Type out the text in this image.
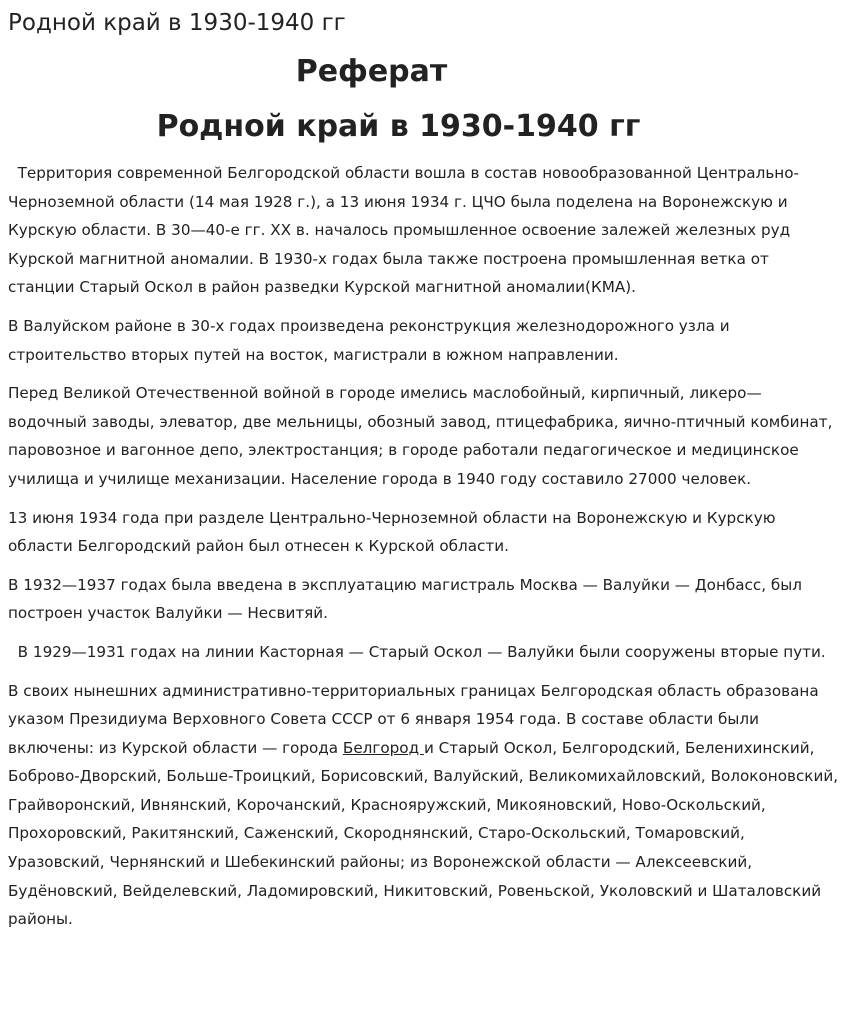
Родной край в 1930-1940 гг
Реферат
Родной край в 1930-1940 гг

Территория современной Белгородской области вошла в состав новообразованной Центрально-Черноземной области (14 мая 1928 г.), а 13 июня 1934 г. ЦЧО была поделена на Воронежскую и Курскую области. В 30—40-е гг. XX в. началось промышленное освоение залежей железных руд Курской магнитной аномалии. В 1930-х годах была также построена промышленная ветка от станции Старый Оскол в район разведки Курской магнитной аномалии(КМА).

В Валуйском районе в 30-х годах произведена реконструкция железнодорожного узла и строительство вторых путей на восток, магистрали в южном направлении.

Перед Великой Отечественной войной в городе имелись маслобойный, кирпичный, ликеро— водочный заводы, элеватор, две мельницы, обозный завод, птицефабрика, яично-птичный комбинат, паровозное и вагонное депо, электростанция; в городе работали педагогическое и медицинское училища и училище механизации. Население города в 1940 году составило 27000 человек.

13 июня 1934 года при разделе Центрально-Черноземной области на Воронежскую и Курскую области Белгородский район был отнесен к Курской области.

В 1932—1937 годах была введена в эксплуатацию магистраль Москва — Валуйки — Донбасс, был построен участок Валуйки — Несвитяй.

В 1929—1931 годах на линии Касторная — Старый Оскол — Валуйки были сооружены вторые пути.

В своих нынешних административно-территориальных границах Белгородская область образована указом Президиума Верховного Совета СССР от 6 января 1954 года. В составе области были включены: из Курской области — города Белгород и Старый Оскол, Белгородский, Беленихинский, Боброво-Дворский, Больше-Троицкий, Борисовский, Валуйский, Великомихайловский, Волоконовский, Грайворонский, Ивнянский, Корочанский, Краснояружский, Микояновский, Ново-Оскольский, Прохоровский, Ракитянский, Саженский, Скороднянский, Старо-Оскольский, Томаровский, Уразовский, Чернянский и Шебекинский районы; из Воронежской области — Алексеевский, Будёновский, Вейделевский, Ладомировский, Никитовский, Ровеньской, Уколовский и Шаталовский районы.
